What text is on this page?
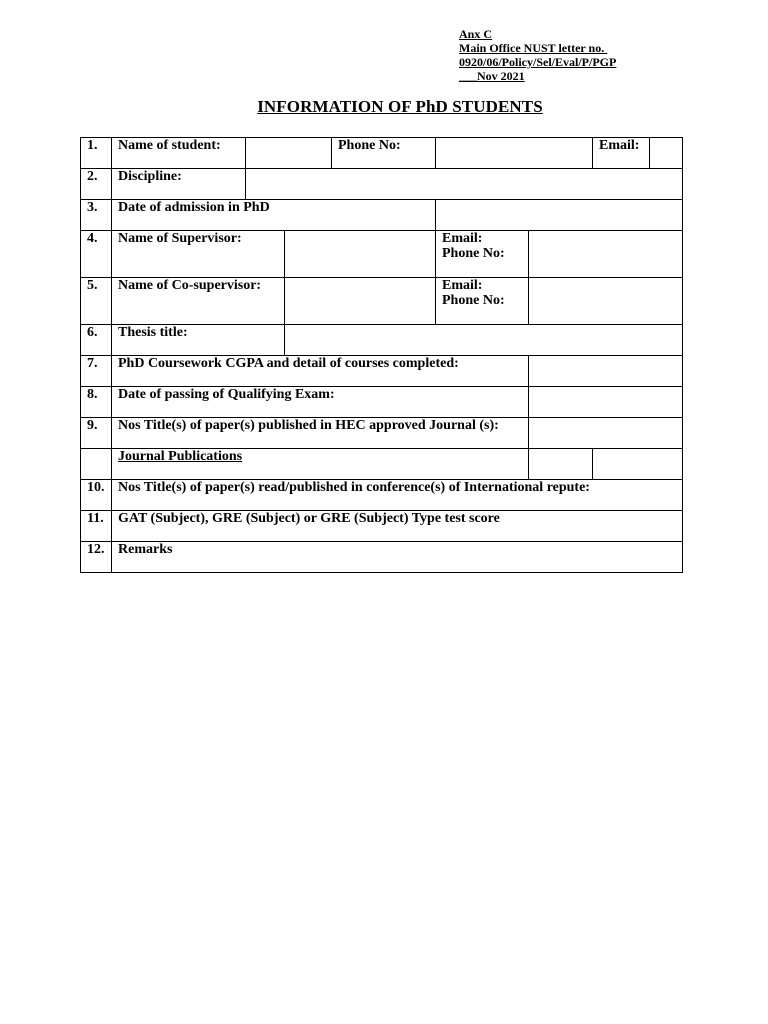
Anx C
Main Office NUST letter no.
0920/06/Policy/Sel/Eval/P/PGP
___Nov 2021
INFORMATION OF PhD STUDENTS
1.	Name of student:			Phone No:			Email:

2.	Discipline:						
3.	Date of admission in PhD						
4.	Name of Supervisor:				Email:
Phone No:		

5.	Name of Co-supervisor:				Email:
Phone No:		

6.	Thesis title:						
7.	PhD Coursework CGPA and detail of courses completed:						
8.	Date of passing of Qualifying Exam:						
9.	Nos Title(s) of paper(s) published in HEC approved Journal (s):						
	Journal Publications						
10.	Nos Title(s) of paper(s) read/published in conference(s) of International repute:						
11.	GAT (Subject), GRE (Subject) or GRE (Subject) Type test score						
12.	Remarks						
